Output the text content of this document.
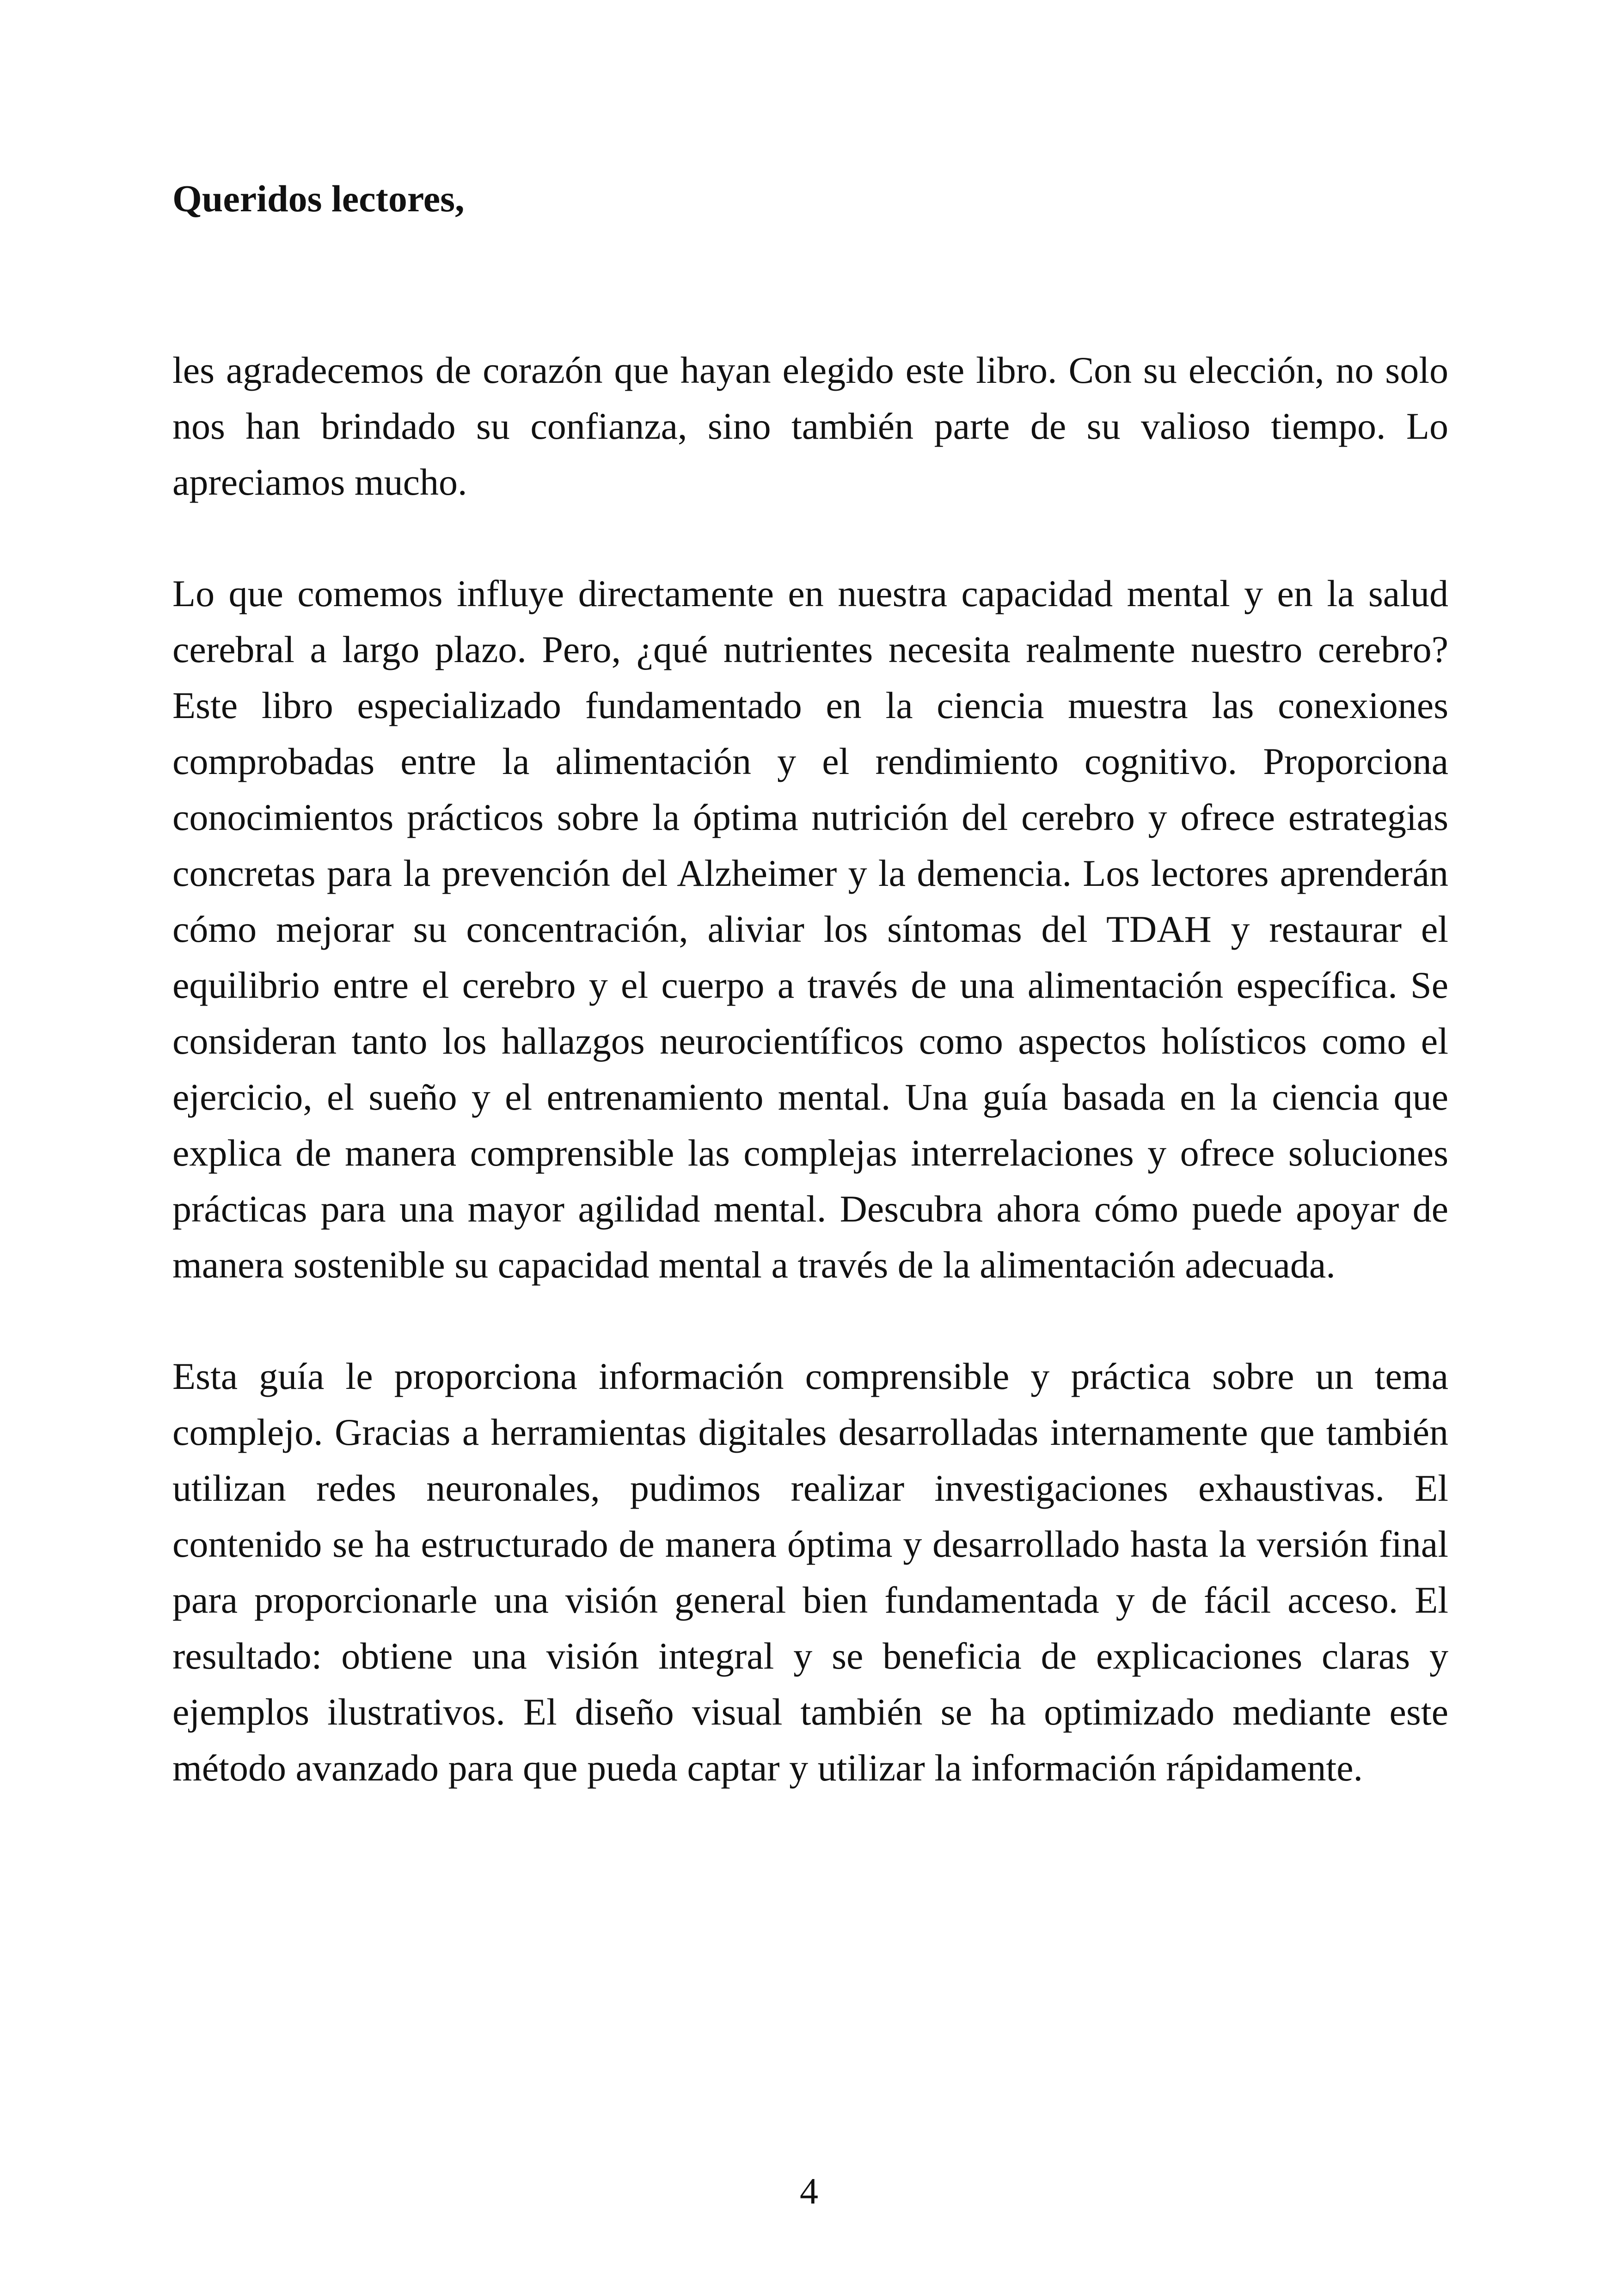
Queridos lectores,

les agradecemos de corazón que hayan elegido este libro. Con su elección, no solo nos han brindado su confianza, sino también parte de su valioso tiempo. Lo apreciamos mucho.

Lo que comemos influye directamente en nuestra capacidad mental y en la salud cerebral a largo plazo. Pero, ¿qué nutrientes necesita realmente nuestro cerebro? Este libro especializado fundamentado en la ciencia muestra las conexiones comprobadas entre la alimentación y el rendimiento cognitivo. Proporciona conocimientos prácticos sobre la óptima nutrición del cerebro y ofrece estrategias concretas para la prevención del Alzheimer y la demencia. Los lectores aprenderán cómo mejorar su concentración, aliviar los síntomas del TDAH y restaurar el equilibrio entre el cerebro y el cuerpo a través de una alimentación específica. Se consideran tanto los hallazgos neurocientíficos como aspectos holísticos como el ejercicio, el sueño y el entrenamiento mental. Una guía basada en la ciencia que explica de manera comprensible las complejas interrelaciones y ofrece soluciones prácticas para una mayor agilidad mental. Descubra ahora cómo puede apoyar de manera sostenible su capacidad mental a través de la alimentación adecuada.

Esta guía le proporciona información comprensible y práctica sobre un tema complejo. Gracias a herramientas digitales desarrolladas internamente que también utilizan redes neuronales, pudimos realizar investigaciones exhaustivas. El contenido se ha estructurado de manera óptima y desarrollado hasta la versión final para proporcionarle una visión general bien fundamentada y de fácil acceso. El resultado: obtiene una visión integral y se beneficia de explicaciones claras y ejemplos ilustrativos. El diseño visual también se ha optimizado mediante este método avanzado para que pueda captar y utilizar la información rápidamente.

4
